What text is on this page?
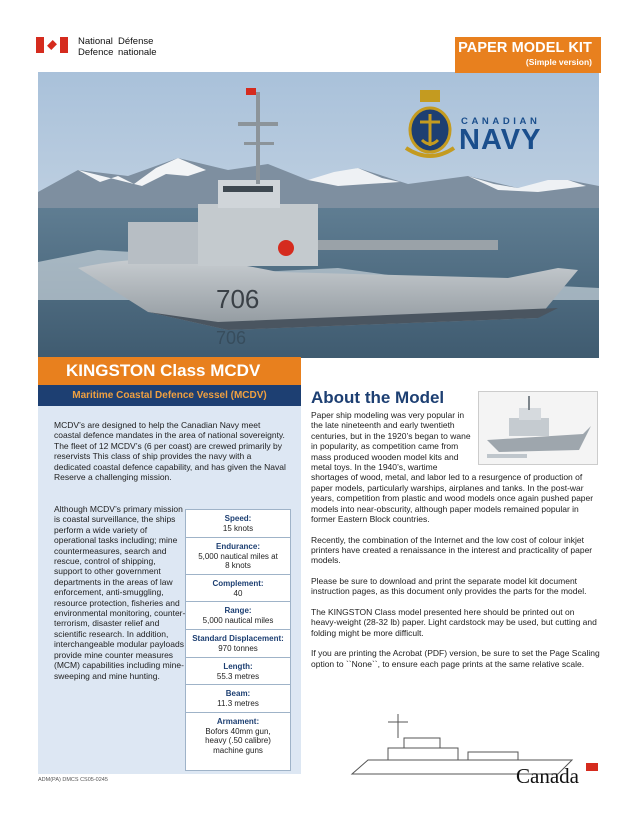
National
Defence
Défense
nationale	PAPER MODEL KIT
(Simple version)
706
706
CANADIAN
NAVY
KINGSTON Class MCDV
Maritime Coastal Defence Vessel (MCDV)
MCDV’s are designed to help the Canadian Navy meet coastal defence mandates in the area of national sovereignty. The fleet of 12 MCDV’s (6 per coast) are crewed primarily by reservists This class of ship provides the navy with a dedicated coastal defence capability, and has given the Naval Reserve a challenging mission.
Although MCDV’s primary mission is coastal surveillance, the ships perform a wide variety of operational tasks including; mine countermeasures, search and rescue, control of shipping, support to other government departments in the areas of law enforcement, anti-smuggling, resource protection, fisheries and environmental monitoring, counter-terrorism, disaster relief and scientific research. In addition, interchangeable modular payloads provide mine counter measures (MCM) capabilities including mine-sweeping and mine hunting.
Speed:
15 knots
Endurance:
5,000 nautical miles at 8 knots
Complement:
40
Range:
5,000 nautical miles
Standard Displacement:
970 tonnes
Length:
55.3 metres
Beam:
11.3 metres
Armament:
Bofors 40mm gun, heavy (.50 calibre) machine guns
ADM(PA) DMCS CS05-0245
About the Model

Paper ship modeling was very popular in the late nineteenth and early twentieth centuries, but in the 1920’s began to wane in popularity, as competition came from mass produced wooden model kits and metal toys. In the 1940’s, wartime

shortages of wood, metal, and labor led to a resurgence of production of paper models, particularly warships, airplanes and tanks. In the post-war years, competition from plastic and wood models once again pushed paper models into near-obscurity, although paper models remained popular in former Eastern Block countries.

Recently, the combination of the Internet and the low cost of colour inkjet printers have created a renaissance in the interest and practicality of paper models.

Please be sure to download and print the separate model kit document instruction pages, as this document only provides the parts for the model.

The KINGSTON Class model presented here should be printed out on heavy-weight (28-32 lb) paper. Light cardstock may be used, but cutting and folding might be more difficult.

If you are printing the Acrobat (PDF) version, be sure to set the Page Scaling option to ``None``, to ensure each page prints at the same relative scale.

Canada
